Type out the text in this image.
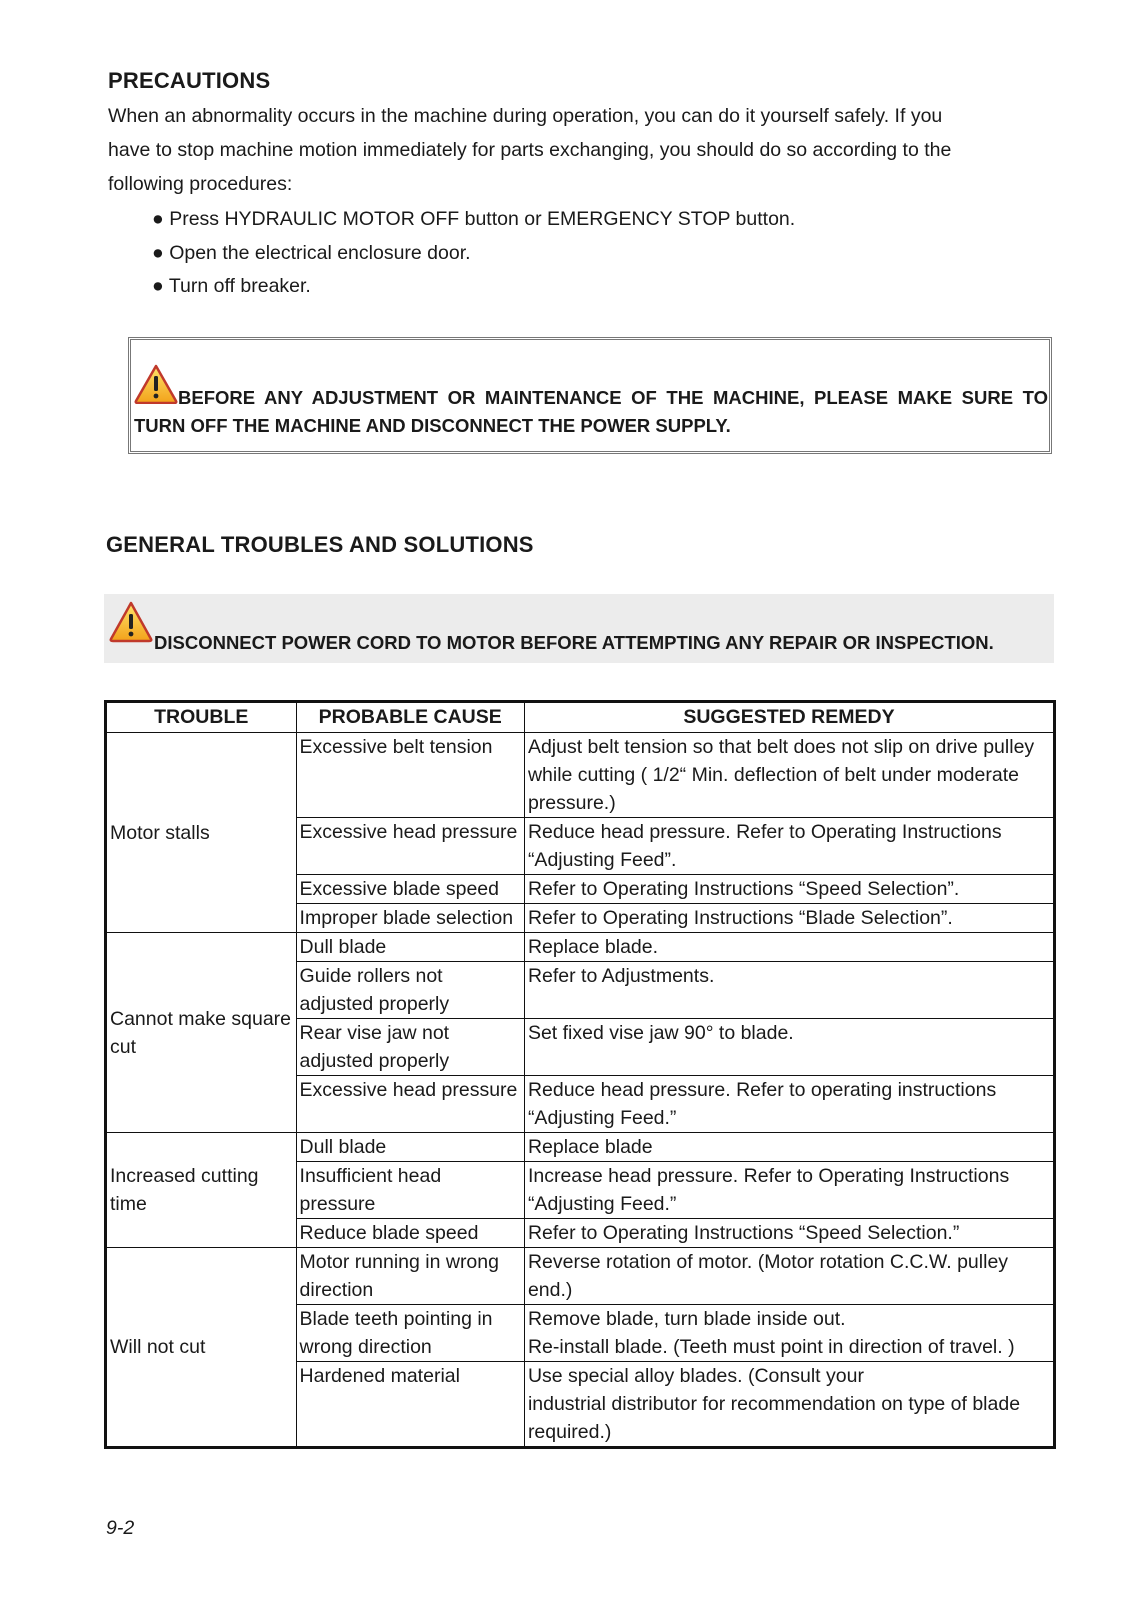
PRECAUTIONS
When an abnormality occurs in the machine during operation, you can do it yourself safely. If you
have to stop machine motion immediately for parts exchanging, you should do so according to the
following procedures:
● Press HYDRAULIC MOTOR OFF button or EMERGENCY STOP button.
● Open the electrical enclosure door.
● Turn off breaker.
BEFORE ANY ADJUSTMENT OR MAINTENANCE OF THE MACHINE, PLEASE MAKE SURE TO TURN OFF THE MACHINE AND DISCONNECT THE POWER SUPPLY.
GENERAL TROUBLES AND SOLUTIONS
DISCONNECT POWER CORD TO MOTOR BEFORE ATTEMPTING ANY REPAIR OR INSPECTION.
TROUBLE	PROBABLE CAUSE	SUGGESTED REMEDY
Motor stalls	Excessive belt tension	Adjust belt tension so that belt does not slip on drive pulley while cutting ( 1/2“ Min. deflection of belt under moderate pressure.)
	Excessive head pressure	Reduce head pressure. Refer to Operating Instructions “Adjusting Feed”.
	Excessive blade speed	Refer to Operating Instructions “Speed Selection”.
	Improper blade selection	Refer to Operating Instructions “Blade Selection”.
Cannot make square cut	Dull blade	Replace blade.
	Guide rollers not adjusted properly	Refer to Adjustments.
	Rear vise jaw not adjusted properly	Set fixed vise jaw 90° to blade.
	Excessive head pressure	Reduce head pressure. Refer to operating instructions “Adjusting Feed.”
Increased cutting time	Dull blade	Replace blade
	Insufficient head pressure	Increase head pressure. Refer to Operating Instructions “Adjusting Feed.”
	Reduce blade speed	Refer to Operating Instructions “Speed Selection.”
Will not cut	Motor running in wrong direction	Reverse rotation of motor. (Motor rotation C.C.W. pulley end.)
	Blade teeth pointing in wrong direction	Remove blade, turn blade inside out.
Re-install blade. (Teeth must point in direction of travel. )
	Hardened material	Use special alloy blades. (Consult your
industrial distributor for recommendation on type of blade required.)
9-2
